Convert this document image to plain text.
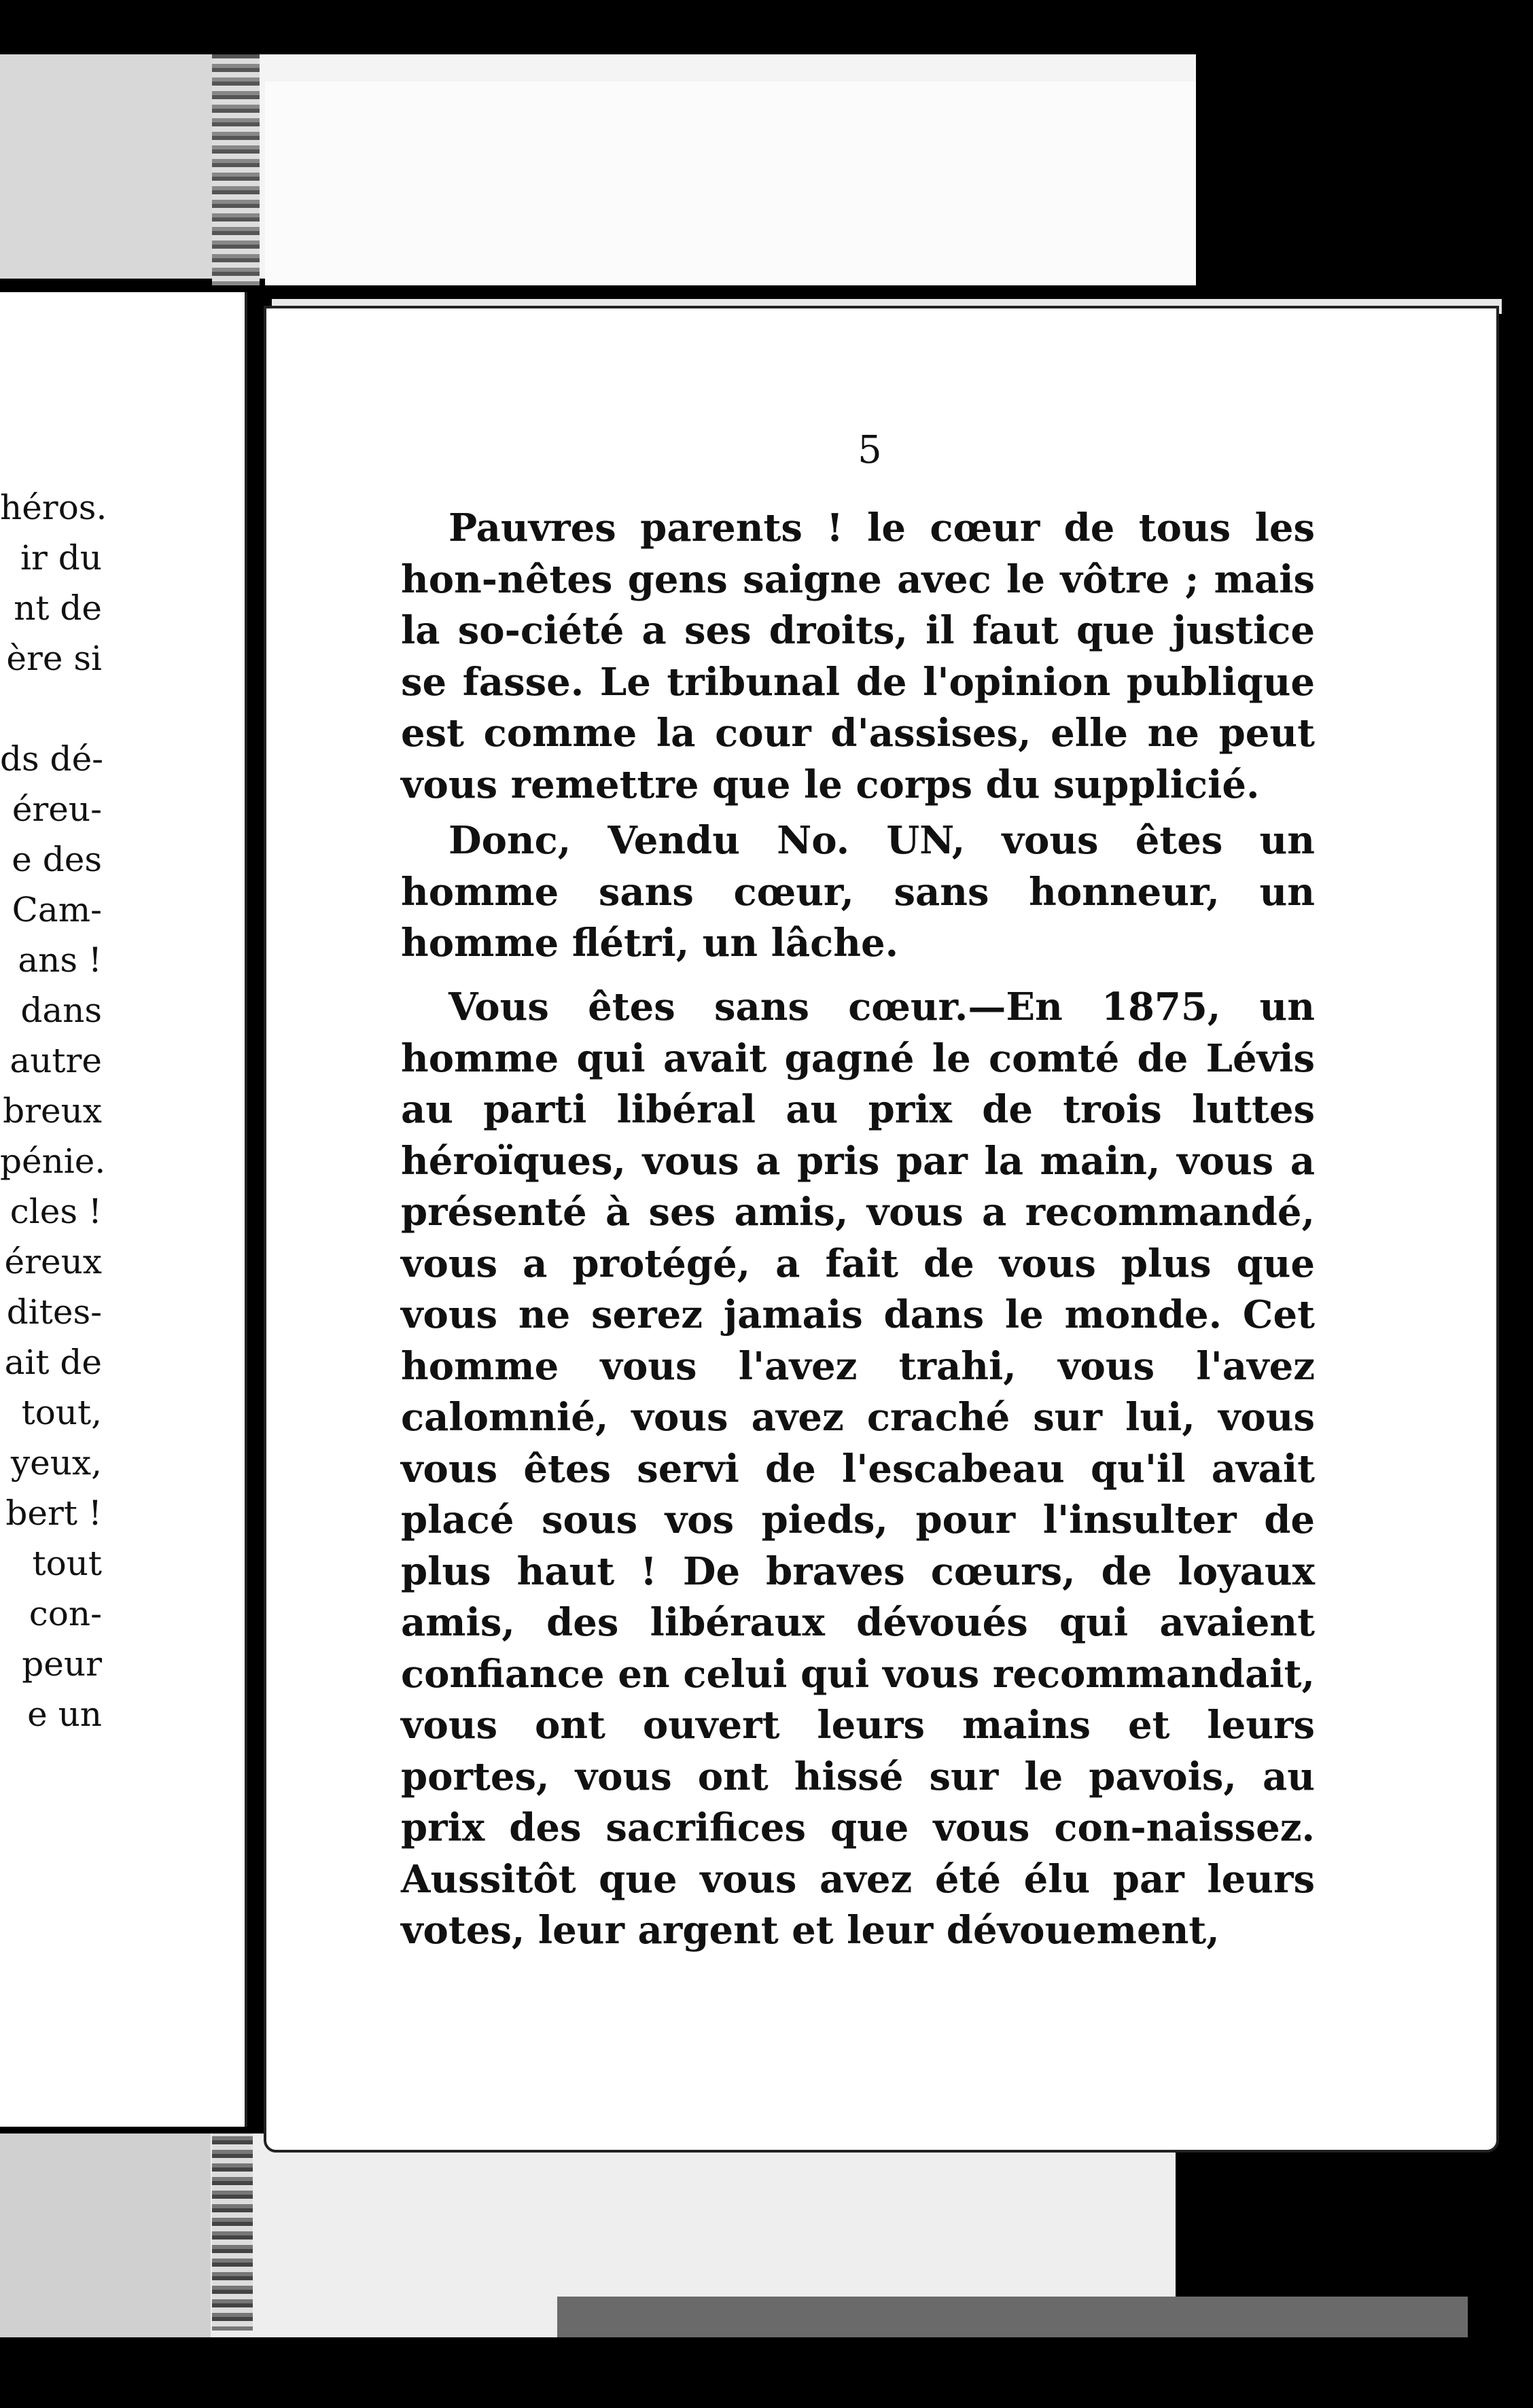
héros.
ir du
nt de
ère si

ds dé-
éreu-
e des
Cam-
ans !
dans
autre
breux
pénie.
cles !
éreux
dites-
ait de
tout,
yeux,
bert !
tout
con-
peur
e un
5
Pauvres parents ! le cœur de tous les hon-nêtes gens saigne avec le vôtre ; mais la so-ciété a ses droits, il faut que justice se fasse. Le tribunal de l'opinion publique est comme la cour d'assises, elle ne peut vous remettre que le corps du supplicié.
Donc, Vendu No. UN, vous êtes un homme sans cœur, sans honneur, un homme flétri, un lâche.
Vous êtes sans cœur.—En 1875, un homme qui avait gagné le comté de Lévis au parti libéral au prix de trois luttes héroïques, vous a pris par la main, vous a présenté à ses amis, vous a recommandé, vous a protégé, a fait de vous plus que vous ne serez jamais dans le monde. Cet homme vous l'avez trahi, vous l'avez calomnié, vous avez craché sur lui, vous vous êtes servi de l'escabeau qu'il avait placé sous vos pieds, pour l'insulter de plus haut ! De braves cœurs, de loyaux amis, des libéraux dévoués qui avaient confiance en celui qui vous recommandait, vous ont ouvert leurs mains et leurs portes, vous ont hissé sur le pavois, au prix des sacrifices que vous con-naissez. Aussitôt que vous avez été élu par leurs votes, leur argent et leur dévouement,
